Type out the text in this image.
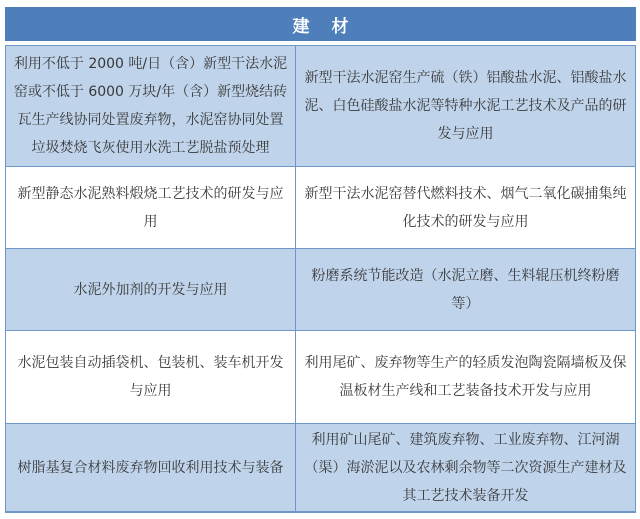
建 材
利用不低于 2000 吨/日（含）新型干法水泥窑或不低于 6000 万块/年（含）新型烧结砖瓦生产线协同处置废弃物，水泥窑协同处置垃圾焚烧飞灰使用水洗工艺脱盐预处理
新型干法水泥窑生产硫（铁）铝酸盐水泥、铝酸盐水泥、白色硅酸盐水泥等特种水泥工艺技术及产品的研发与应用
新型静态水泥熟料煅烧工艺技术的研发与应用
新型干法水泥窑替代燃料技术、烟气二氧化碳捕集纯化技术的研发与应用
水泥外加剂的开发与应用
粉磨系统节能改造（水泥立磨、生料辊压机终粉磨等）
水泥包装自动插袋机、包装机、装车机开发与应用
利用尾矿、废弃物等生产的轻质发泡陶瓷隔墙板及保温板材生产线和工艺装备技术开发与应用
树脂基复合材料废弃物回收利用技术与装备
利用矿山尾矿、建筑废弃物、工业废弃物、江河湖（渠）海淤泥以及农林剩余物等二次资源生产建材及其工艺技术装备开发
